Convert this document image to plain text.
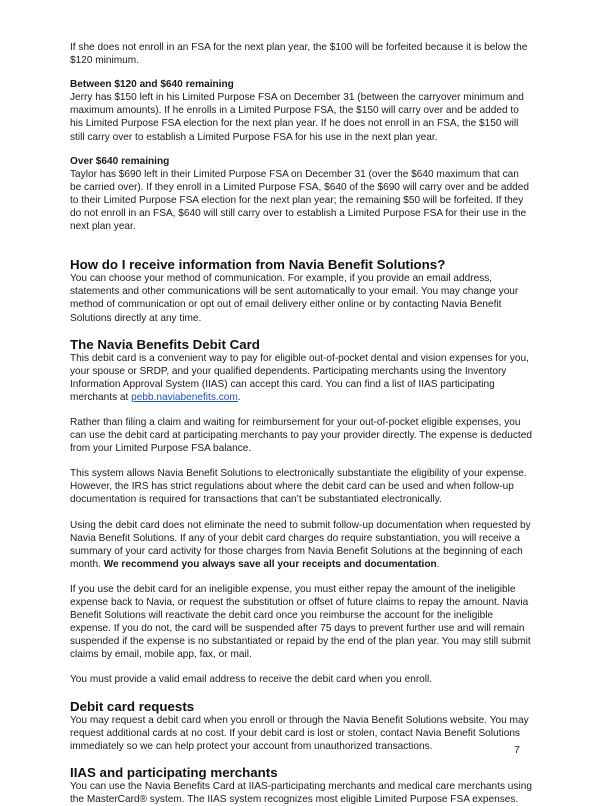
If she does not enroll in an FSA for the next plan year, the $100 will be forfeited because it is below the $120 minimum.

Between $120 and $640 remaining

Jerry has $150 left in his Limited Purpose FSA on December 31 (between the carryover minimum and maximum amounts). If he enrolls in a Limited Purpose FSA, the $150 will carry over and be added to his Limited Purpose FSA election for the next plan year. If he does not enroll in an FSA, the $150 will still carry over to establish a Limited Purpose FSA for his use in the next plan year.

Over $640 remaining

Taylor has $690 left in their Limited Purpose FSA on December 31 (over the $640 maximum that can be carried over). If they enroll in a Limited Purpose FSA, $640 of the $690 will carry over and be added to their Limited Purpose FSA election for the next plan year; the remaining $50 will be forfeited. If they do not enroll in an FSA, $640 will still carry over to establish a Limited Purpose FSA for their use in the next plan year.

How do I receive information from Navia Benefit Solutions?

You can choose your method of communication. For example, if you provide an email address, statements and other communications will be sent automatically to your email. You may change your method of communication or opt out of email delivery either online or by contacting Navia Benefit Solutions directly at any time.

The Navia Benefits Debit Card

This debit card is a convenient way to pay for eligible out-of-pocket dental and vision expenses for you, your spouse or SRDP, and your qualified dependents. Participating merchants using the Inventory Information Approval System (IIAS) can accept this card. You can find a list of IIAS participating merchants at pebb.naviabenefits.com.

Rather than filing a claim and waiting for reimbursement for your out-of-pocket eligible expenses, you can use the debit card at participating merchants to pay your provider directly. The expense is deducted from your Limited Purpose FSA balance.

This system allows Navia Benefit Solutions to electronically substantiate the eligibility of your expense. However, the IRS has strict regulations about where the debit card can be used and when follow-up documentation is required for transactions that can’t be substantiated electronically.

Using the debit card does not eliminate the need to submit follow-up documentation when requested by Navia Benefit Solutions. If any of your debit card charges do require substantiation, you will receive a summary of your card activity for those charges from Navia Benefit Solutions at the beginning of each month. We recommend you always save all your receipts and documentation.

If you use the debit card for an ineligible expense, you must either repay the amount of the ineligible expense back to Navia, or request the substitution or offset of future claims to repay the amount. Navia Benefit Solutions will reactivate the debit card once you reimburse the account for the ineligible expense. If you do not, the card will be suspended after 75 days to prevent further use and will remain suspended if the expense is no substantiated or repaid by the end of the plan year. You may still submit claims by email, mobile app, fax, or mail.

You must provide a valid email address to receive the debit card when you enroll.

Debit card requests

You may request a debit card when you enroll or through the Navia Benefit Solutions website. You may request additional cards at no cost. If your debit card is lost or stolen, contact Navia Benefit Solutions immediately so we can help protect your account from unauthorized transactions.

IIAS and participating merchants

You can use the Navia Benefits Card at IIAS-participating merchants and medical care merchants using the MasterCard® system. The IIAS system recognizes most eligible Limited Purpose FSA expenses.

7
